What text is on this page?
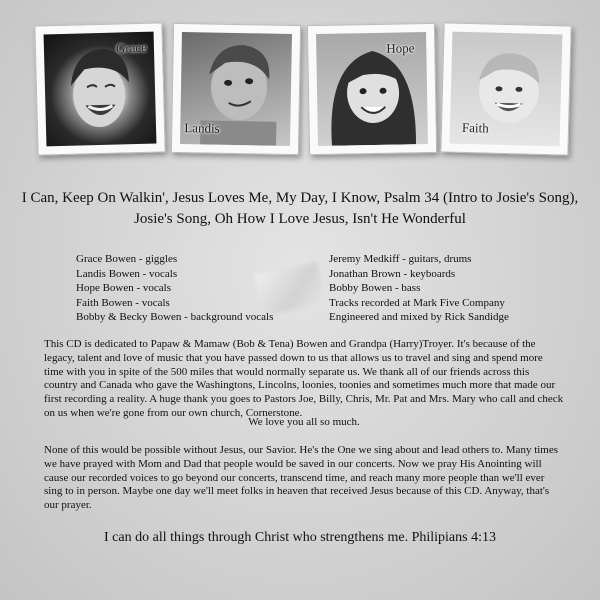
Grace
Landis
Hope
Faith
I Can, Keep On Walkin', Jesus Loves Me, My Day, I Know, Psalm 34 (Intro to Josie's Song), Josie's Song, Oh How I Love Jesus, Isn't He Wonderful
Grace Bowen - giggles
Landis Bowen - vocals
Hope Bowen - vocals
Faith Bowen - vocals
Bobby & Becky Bowen - background vocals
Jeremy Medkiff - guitars, drums
Jonathan Brown - keyboards
Bobby Bowen - bass
Tracks recorded at Mark Five Company
Engineered and mixed by Rick Sandidge

This CD is dedicated to Papaw & Mamaw (Bob & Tena) Bowen and Grandpa (Harry)Troyer. It's because of the legacy, talent and love of music that you have passed down to us that allows us to travel and sing and spend more time with you in spite of the 500 miles that would normally separate us. We thank all of our friends across this country and Canada who gave the Washingtons, Lincolns, loonies, toonies and sometimes much more that made our first recording a reality. A huge thank you goes to Pastors Joe, Billy, Chris, Mr. Pat and Mrs. Mary who call and check on us when we're gone from our own church, Cornerstone.

We love you all so much.

None of this would be possible without Jesus, our Savior. He's the One we sing about and lead others to. Many times we have prayed with Mom and Dad that people would be saved in our concerts. Now we pray His Anointing will cause our recorded voices to go beyond our concerts, transcend time, and reach many more people than we'll ever sing to in person. Maybe one day we'll meet folks in heaven that received Jesus because of this CD. Anyway, that's our prayer.

I can do all things through Christ who strengthens me. Philipians 4:13
